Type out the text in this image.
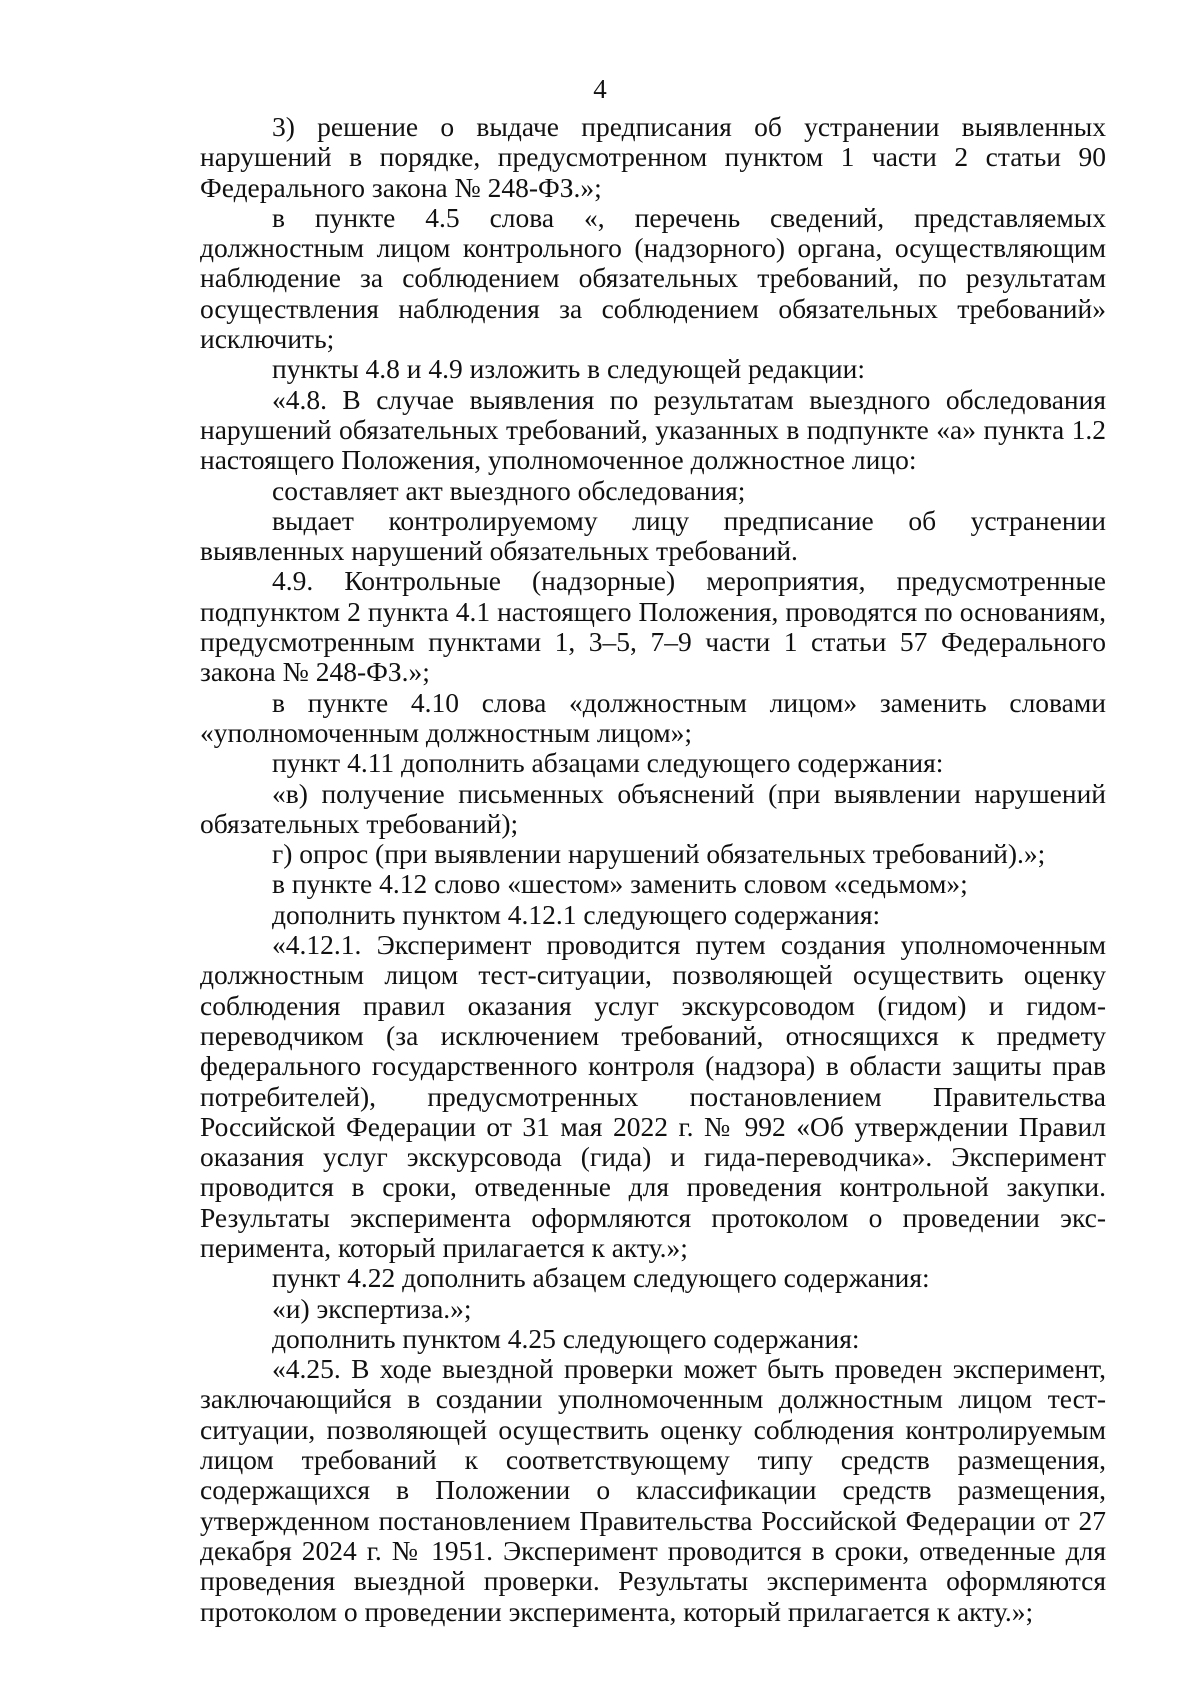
4

3) решение о выдаче предписания об устранении выявленных нарушений в порядке, предусмотренном пунктом 1 части 2 статьи 90 Федерального закона № 248-ФЗ.»;

в пункте 4.5 слова «, перечень сведений, представляемых должностным лицом контрольного (надзорного) органа, осуществляющим наблюдение за соблюдением обязательных требований, по результатам осуществления наблюдения за соблюдением обязательных требований» исключить;

пункты 4.8 и 4.9 изложить в следующей редакции:

«4.8. В случае выявления по результатам выездного обследования нарушений обязательных требований, указанных в подпункте «а» пункта 1.2 настоящего Положения, уполномоченное должностное лицо:

составляет акт выездного обследования;

выдает контролируемому лицу предписание об устранении выявленных нарушений обязательных требований.

4.9. Контрольные (надзорные) мероприятия, предусмотренные подпунктом 2 пункта 4.1 настоящего Положения, проводятся по основаниям, предусмотренным пунктами 1, 3–5, 7–9 части 1 статьи 57 Федерального закона № 248-ФЗ.»;

в пункте 4.10 слова «должностным лицом» заменить словами «уполномоченным должностным лицом»;

пункт 4.11 дополнить абзацами следующего содержания:

«в) получение письменных объяснений (при выявлении нарушений обязательных требований);

г) опрос (при выявлении нарушений обязательных требований).»;

в пункте 4.12 слово «шестом» заменить словом «седьмом»;

дополнить пунктом 4.12.1 следующего содержания:

«4.12.1. Эксперимент проводится путем создания уполномоченным должностным лицом тест-ситуации, позволяющей осуществить оценку соблюдения правил оказания услуг экскурсоводом (гидом) и гидом-переводчиком (за исключением требований, относящихся к предмету федерального государственного контроля (надзора) в области защиты прав потребителей), предусмотренных постановлением Правительства Российской Федерации от 31 мая 2022 г. № 992 «Об утверждении Правил оказания услуг экскурсовода (гида) и гида-переводчика». Эксперимент проводится в сроки, отведенные для проведения контрольной закупки. Результаты эксперимента оформляются протоколом о проведении эксперимента, который прилагается к акту.»;

пункт 4.22 дополнить абзацем следующего содержания:

«и) экспертиза.»;

дополнить пунктом 4.25 следующего содержания:

«4.25. В ходе выездной проверки может быть проведен эксперимент, заключающийся в создании уполномоченным должностным лицом тест-ситуации, позволяющей осуществить оценку соблюдения контролируемым лицом требований к соответствующему типу средств размещения, содержащихся в Положении о классификации средств размещения, утвержденном постановлением Правительства Российской Федерации от 27 декабря 2024 г. № 1951. Эксперимент проводится в сроки, отведенные для проведения выездной проверки. Результаты эксперимента оформляются протоколом о проведении эксперимента, который прилагается к акту.»;
